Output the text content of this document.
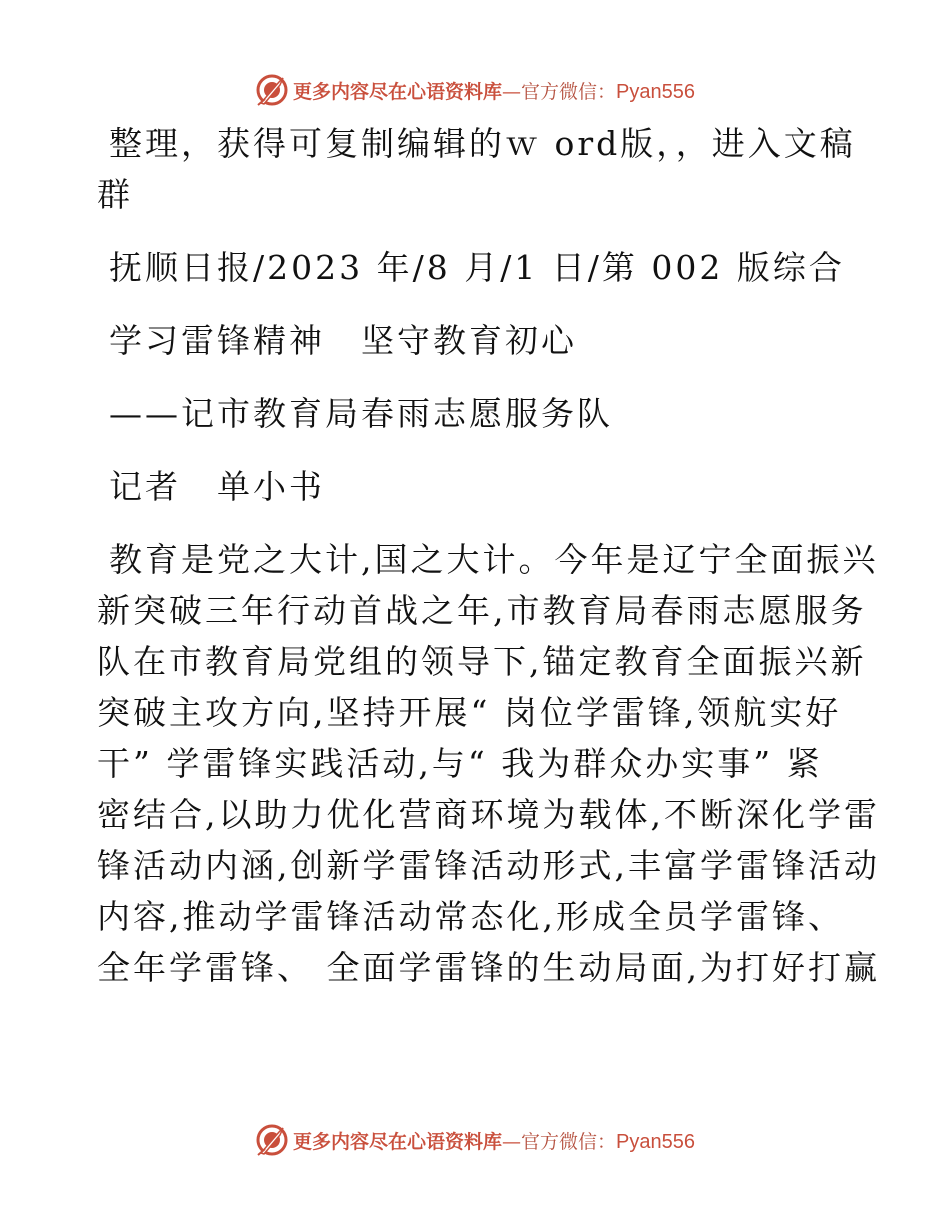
更多内容尽在心语资料库—官方微信：Pyan556
整理，获得可复制编辑的ｗ ord版，，进入文稿
群
抚顺日报/2023 年/8 月/1 日/第 002 版综合
学习雷锋精神　坚守教育初心
——记市教育局春雨志愿服务队
记者　单小书
教育是党之大计,国之大计。今年是辽宁全面振兴
新突破三年行动首战之年,市教育局春雨志愿服务
队在市教育局党组的领导下,锚定教育全面振兴新
突破主攻方向,坚持开展“ 岗位学雷锋,领航实好
干” 学雷锋实践活动,与“ 我为群众办实事” 紧
密结合,以助力优化营商环境为载体,不断深化学雷
锋活动内涵,创新学雷锋活动形式,丰富学雷锋活动
内容,推动学雷锋活动常态化,形成全员学雷锋、
全年学雷锋、 全面学雷锋的生动局面,为打好打赢
更多内容尽在心语资料库—官方微信：Pyan556
